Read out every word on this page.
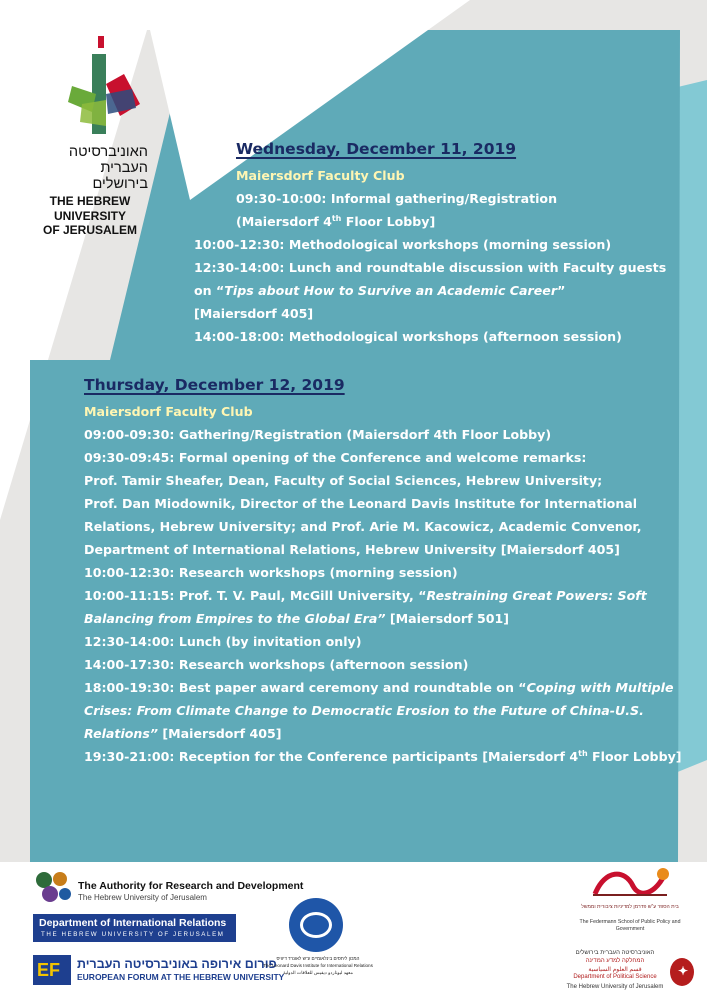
האוניברסיטה
העברית
בירושלים
THE HEBREW
UNIVERSITY
OF JERUSALEM
Wednesday, December 11, 2019
Maiersdorf Faculty Club
09:30-10:00: Informal gathering/Registration
(Maiersdorf 4th Floor Lobby]
10:00-12:30: Methodological workshops (morning session)
12:30-14:00: Lunch and roundtable discussion with Faculty guests
on “Tips about How to Survive an Academic Career”
[Maiersdorf 405]
14:00-18:00: Methodological workshops (afternoon session)
Thursday, December 12, 2019
Maiersdorf Faculty Club
09:00-09:30: Gathering/Registration (Maiersdorf 4th Floor Lobby)
09:30-09:45: Formal opening of the Conference and welcome remarks:
Prof. Tamir Sheafer, Dean, Faculty of Social Sciences, Hebrew University;
Prof. Dan Miodownik, Director of the Leonard Davis Institute for International
Relations, Hebrew University; and Prof. Arie M. Kacowicz, Academic Convenor,
Department of International Relations, Hebrew University [Maiersdorf 405]
10:00-12:30: Research workshops (morning session)
10:00-11:15: Prof. T. V. Paul, McGill University, “Restraining Great Powers: Soft
Balancing from Empires to the Global Era” [Maiersdorf 501]
12:30-14:00: Lunch (by invitation only)
14:00-17:30: Research workshops (afternoon session)
18:00-19:30: Best paper award ceremony and roundtable on “Coping with Multiple
Crises: From Climate Change to Democratic Erosion to the Future of China-U.S.
Relations” [Maiersdorf 405]
19:30-21:00: Reception for the Conference participants [Maiersdorf 4th Floor Lobby]
The Authority for Research and Development
The Hebrew University of Jerusalem
Department of International Relations
THE HEBREW UNIVERSITY OF JERUSALEM
EF פורום אירופה באוניברסיטה העברית
EUROPEAN FORUM AT THE HEBREW UNIVERSITY
המכון ליחסים בינלאומיים ע"ש לאונרד דיוויס
The Leonard Davis Institute for International Relations
معهد ليوناردو ديفيس للعلاقات الدولية
בית הספר ע"ש פדרמן למדיניות ציבורית וממשל
The Federmann School of Public Policy and Government
האוניברסיטה העברית בירושלים
המחלקה למדע המדינה
قسم العلوم السياسية
Department of Political Science
The Hebrew University of Jerusalem
✦
